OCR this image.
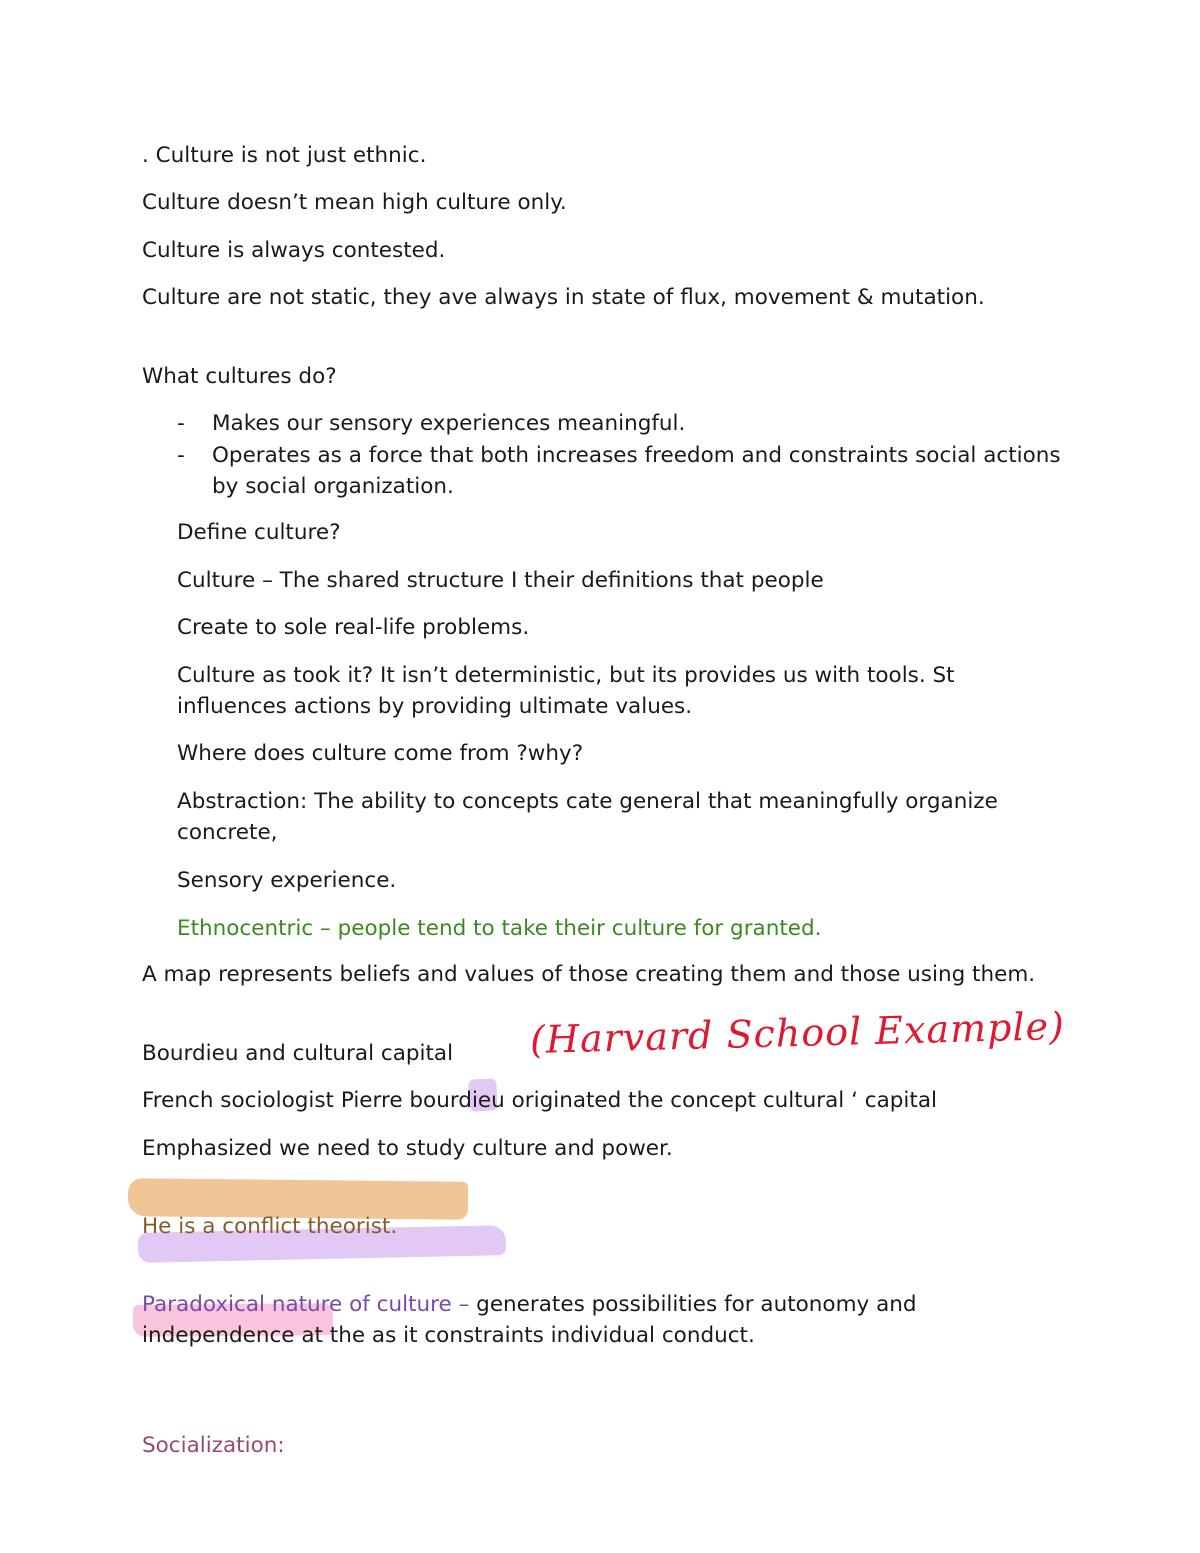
. Culture is not just ethnic.
Culture doesn’t mean high culture only.
Culture is always contested.
Culture are not static, they ave always in state of flux, movement & mutation.
What cultures do?
- Makes our sensory experiences meaningful.
- Operates as a force that both increases freedom and constraints social actions by social organization.
Define culture?
Culture – The shared structure I their definitions that people
Create to sole real-life problems.
Culture as took it? It isn’t deterministic, but its provides us with tools. St influences actions by providing ultimate values.
Where does culture come from ?why?
Abstraction: The ability to concepts cate general that meaningfully organize concrete,
Sensory experience.
Ethnocentric – people tend to take their culture for granted.
A map represents beliefs and values of those creating them and those using them.
Bourdieu and cultural capital	(Harvard School Example)
French sociologist Pierre bourdieu originated the concept cultural ‘ capital
Emphasized we need to study culture and power.
He is a conflict theorist.
Paradoxical nature of culture – generates possibilities for autonomy and independence at the as it constraints individual conduct.
Socialization:
